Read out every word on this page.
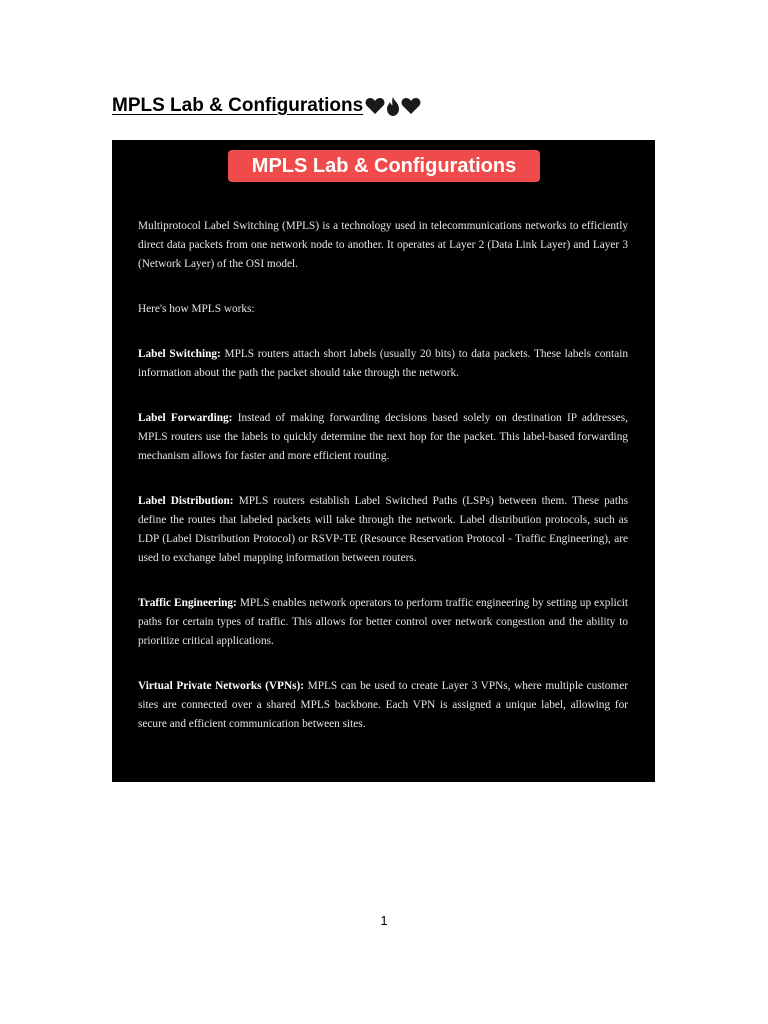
MPLS Lab & Configurations
MPLS Lab & Configurations

Multiprotocol Label Switching (MPLS) is a technology used in telecommunications networks to efficiently direct data packets from one network node to another. It operates at Layer 2 (Data Link Layer) and Layer 3 (Network Layer) of the OSI model.

Here's how MPLS works:

Label Switching: MPLS routers attach short labels (usually 20 bits) to data packets. These labels contain information about the path the packet should take through the network.

Label Forwarding: Instead of making forwarding decisions based solely on destination IP addresses, MPLS routers use the labels to quickly determine the next hop for the packet. This label-based forwarding mechanism allows for faster and more efficient routing.

Label Distribution: MPLS routers establish Label Switched Paths (LSPs) between them. These paths define the routes that labeled packets will take through the network. Label distribution protocols, such as LDP (Label Distribution Protocol) or RSVP-TE (Resource Reservation Protocol - Traffic Engineering), are used to exchange label mapping information between routers.

Traffic Engineering: MPLS enables network operators to perform traffic engineering by setting up explicit paths for certain types of traffic. This allows for better control over network congestion and the ability to prioritize critical applications.

Virtual Private Networks (VPNs): MPLS can be used to create Layer 3 VPNs, where multiple customer sites are connected over a shared MPLS backbone. Each VPN is assigned a unique label, allowing for secure and efficient communication between sites.

1
